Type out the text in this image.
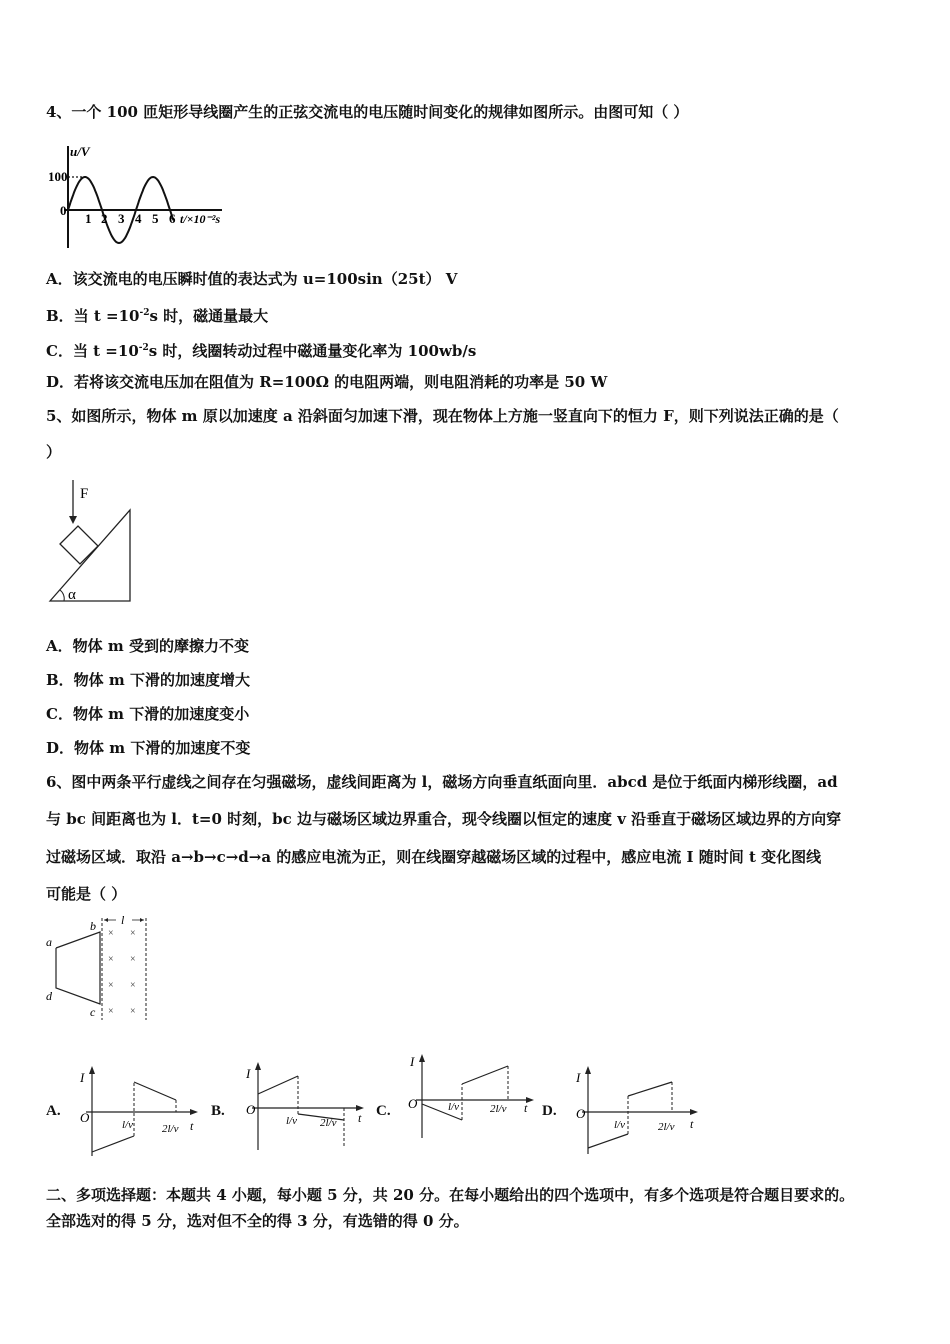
4、一个 100 匝矩形导线圈产生的正弦交流电的电压随时间变化的规律如图所示。由图可知（ ）
u/V
100
0
1 2 3 4 5 6 t/×10⁻²s
A．该交流电的电压瞬时值的表达式为 u=100sin（25t） V
B．当 $t =10^{-2}s$ 时，磁通量最大
C．当 $t =10^{-2}s$ 时，线圈转动过程中磁通量变化率为 100wb/s
D．若将该交流电压加在阻值为 R=100Ω 的电阻两端，则电阻消耗的功率是 50 W
5、如图所示，物体 m 原以加速度 a 沿斜面匀加速下滑，现在物体上方施一竖直向下的恒力 F，则下列说法正确的是（
）
F
α
A．物体 m 受到的摩擦力不变
B．物体 m 下滑的加速度增大
C．物体 m 下滑的加速度变小
D．物体 m 下滑的加速度不变
6、图中两条平行虚线之间存在匀强磁场，虚线间距离为 l，磁场方向垂直纸面向里．abcd 是位于纸面内梯形线圈，ad
与 bc 间距离也为 l．t=0 时刻，bc 边与磁场区域边界重合，现令线圈以恒定的速度 v 沿垂直于磁场区域边界的方向穿
过磁场区域．取沿 a→b→c→d→a 的感应电流为正，则在线圈穿越磁场区域的过程中，感应电流 I 随时间 t 变化图线
可能是（ ）
l
a
b
c
d
× ×
× ×
× ×
× ×
A.
I
O	l/v	2l/v t
B.
I
O
l/v 2l/v t C.
I
O	l/v	2l/v t D.
I
O
l/v	2l/v t
二、多项选择题：本题共 4 小题，每小题 5 分，共 20 分。在每小题给出的四个选项中，有多个选项是符合题目要求的。
全部选对的得 5 分，选对但不全的得 3 分，有选错的得 0 分。
